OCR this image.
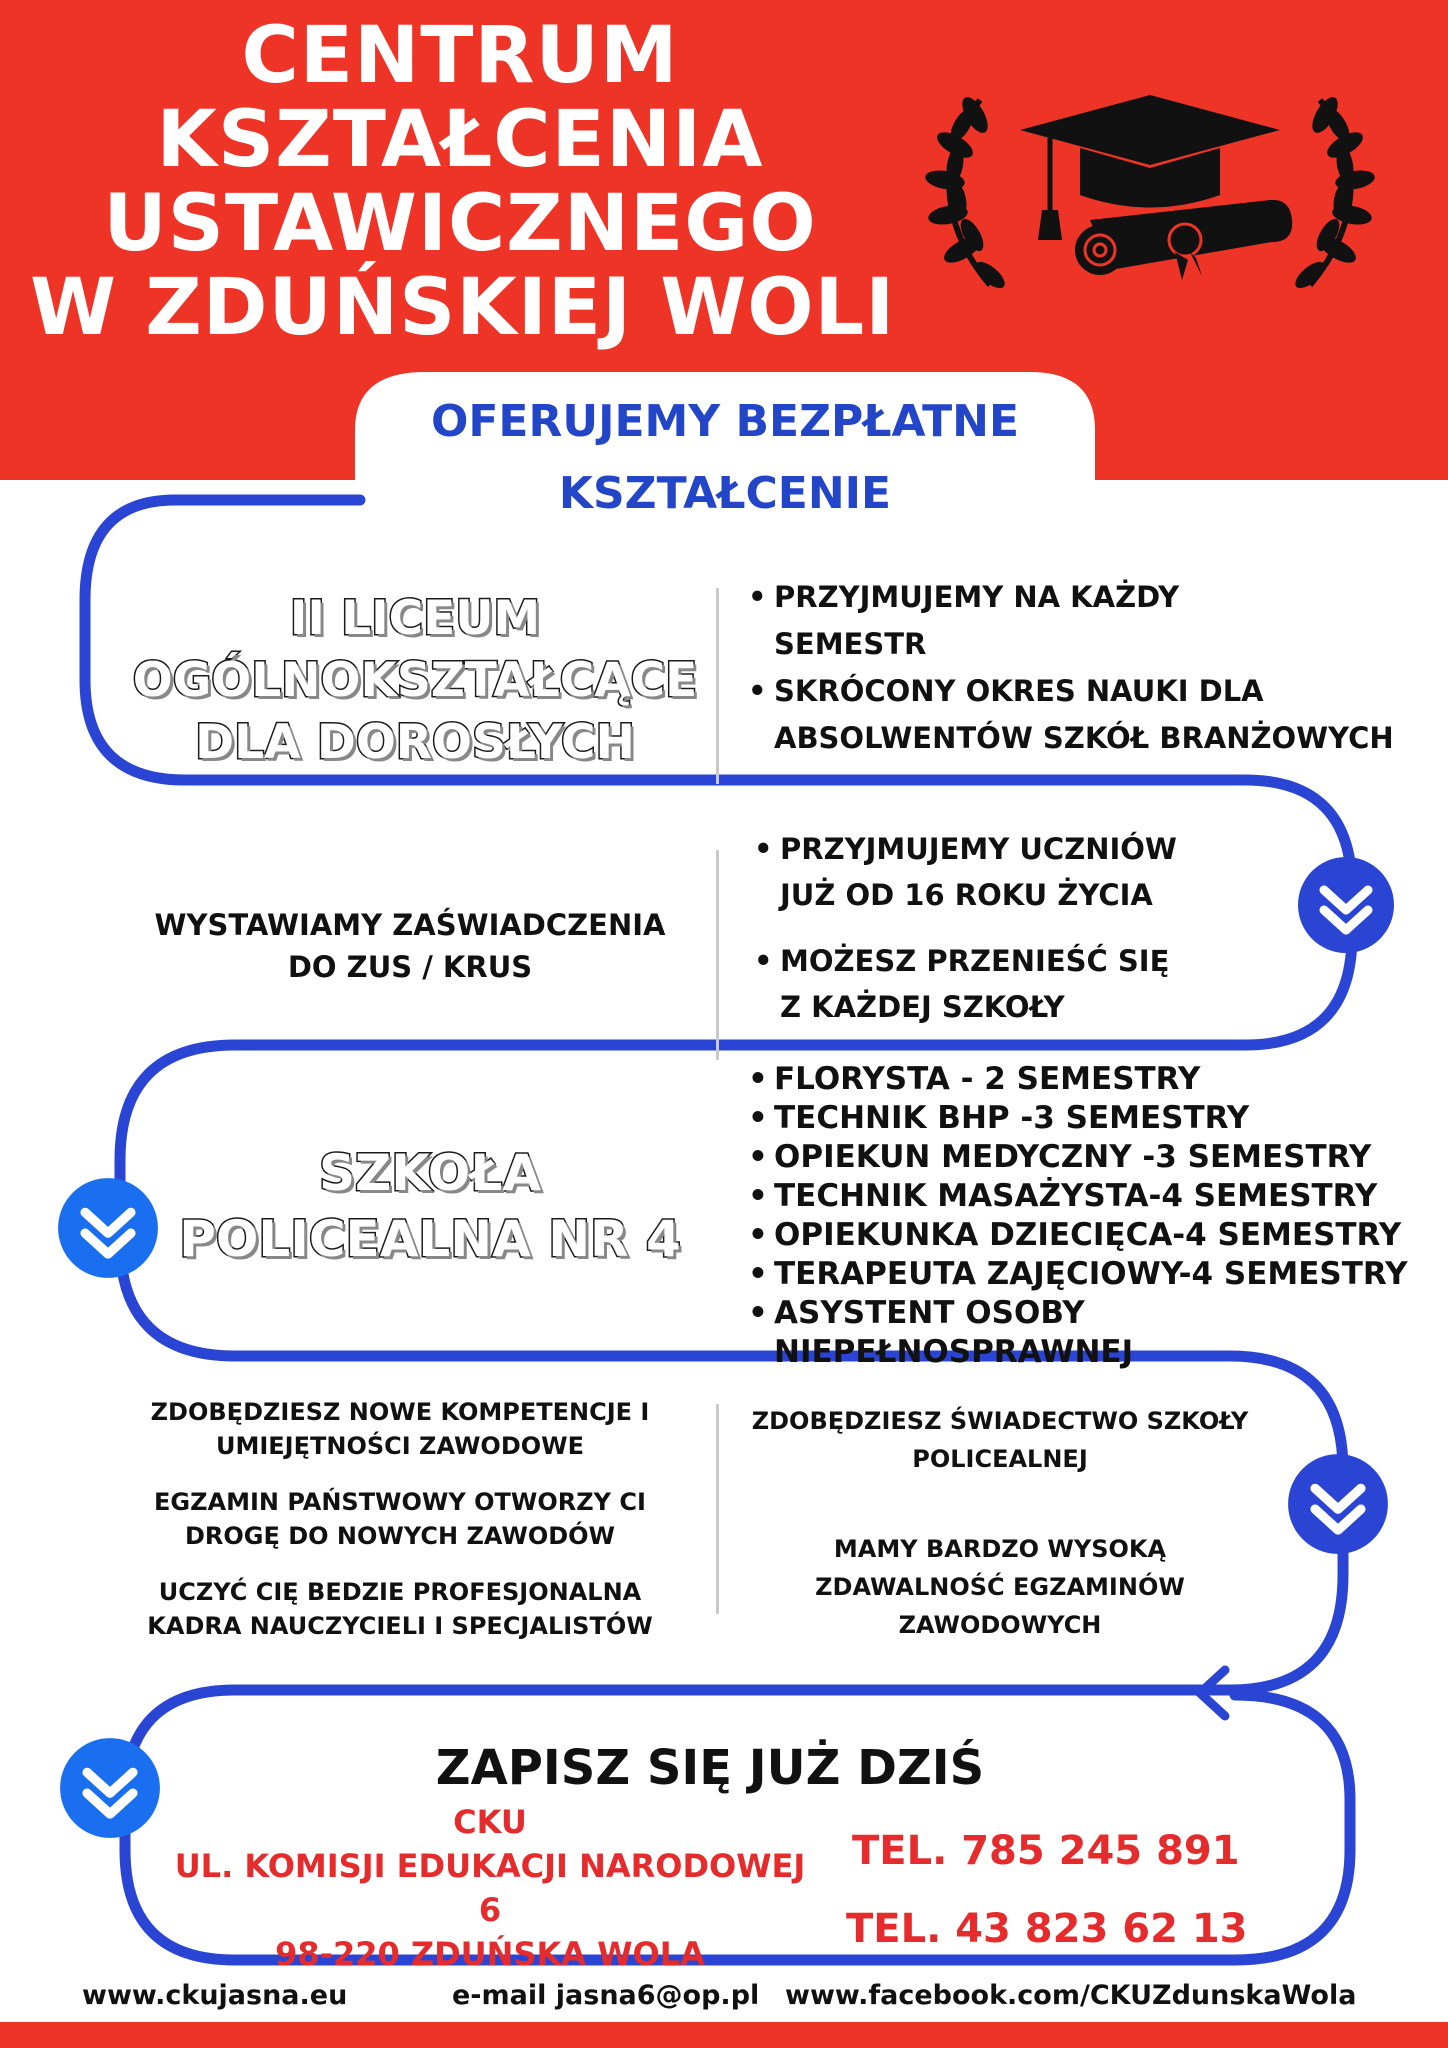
CENTRUM
KSZTAŁCENIA
USTAWICZNEGO
W ZDUŃSKIEJ WOLI
OFERUJEMY BEZPŁATNE
KSZTAŁCENIE
II LICEUM
OGÓLNOKSZTAŁCĄCE
DLA DOROSŁYCH
• PRZYJMUJEMY NA KAŻDY
SEMESTR
• SKRÓCONY OKRES NAUKI DLA
ABSOLWENTÓW SZKÓŁ BRANŻOWYCH
WYSTAWIAMY ZAŚWIADCZENIA
DO ZUS / KRUS
• PRZYJMUJEMY UCZNIÓW
JUŻ OD 16 ROKU ŻYCIA
• MOŻESZ PRZENIEŚĆ SIĘ
Z KAŻDEJ SZKOŁY
SZKOŁA
POLICEALNA NR 4
• FLORYSTA - 2 SEMESTRY
• TECHNIK BHP -3 SEMESTRY
• OPIEKUN MEDYCZNY -3 SEMESTRY
• TECHNIK MASAŻYSTA-4 SEMESTRY
• OPIEKUNKA DZIECIĘCA-4 SEMESTRY
• TERAPEUTA ZAJĘCIOWY-4 SEMESTRY
• ASYSTENT OSOBY NIEPEŁNOSPRAWNEJ
ZDOBĘDZIESZ NOWE KOMPETENCJE I
UMIEJĘTNOŚCI ZAWODOWE
EGZAMIN PAŃSTWOWY OTWORZY CI
DROGĘ DO NOWYCH ZAWODÓW
UCZYĆ CIĘ BEDZIE PROFESJONALNA
KADRA NAUCZYCIELI I SPECJALISTÓW
ZDOBĘDZIESZ ŚWIADECTWO SZKOŁY
POLICEALNEJ
MAMY BARDZO WYSOKĄ
ZDAWALNOŚĆ EGZAMINÓW
ZAWODOWYCH
ZAPISZ SIĘ JUŻ DZIŚ
CKU
UL. KOMISJI EDUKACJI NARODOWEJ 6
98-220 ZDUŃSKA WOLA
TEL. 785 245 891
TEL. 43 823 62 13
www.ckujasna.eu	e-mail jasna6@op.pl www.facebook.com/CKUZdunskaWola
